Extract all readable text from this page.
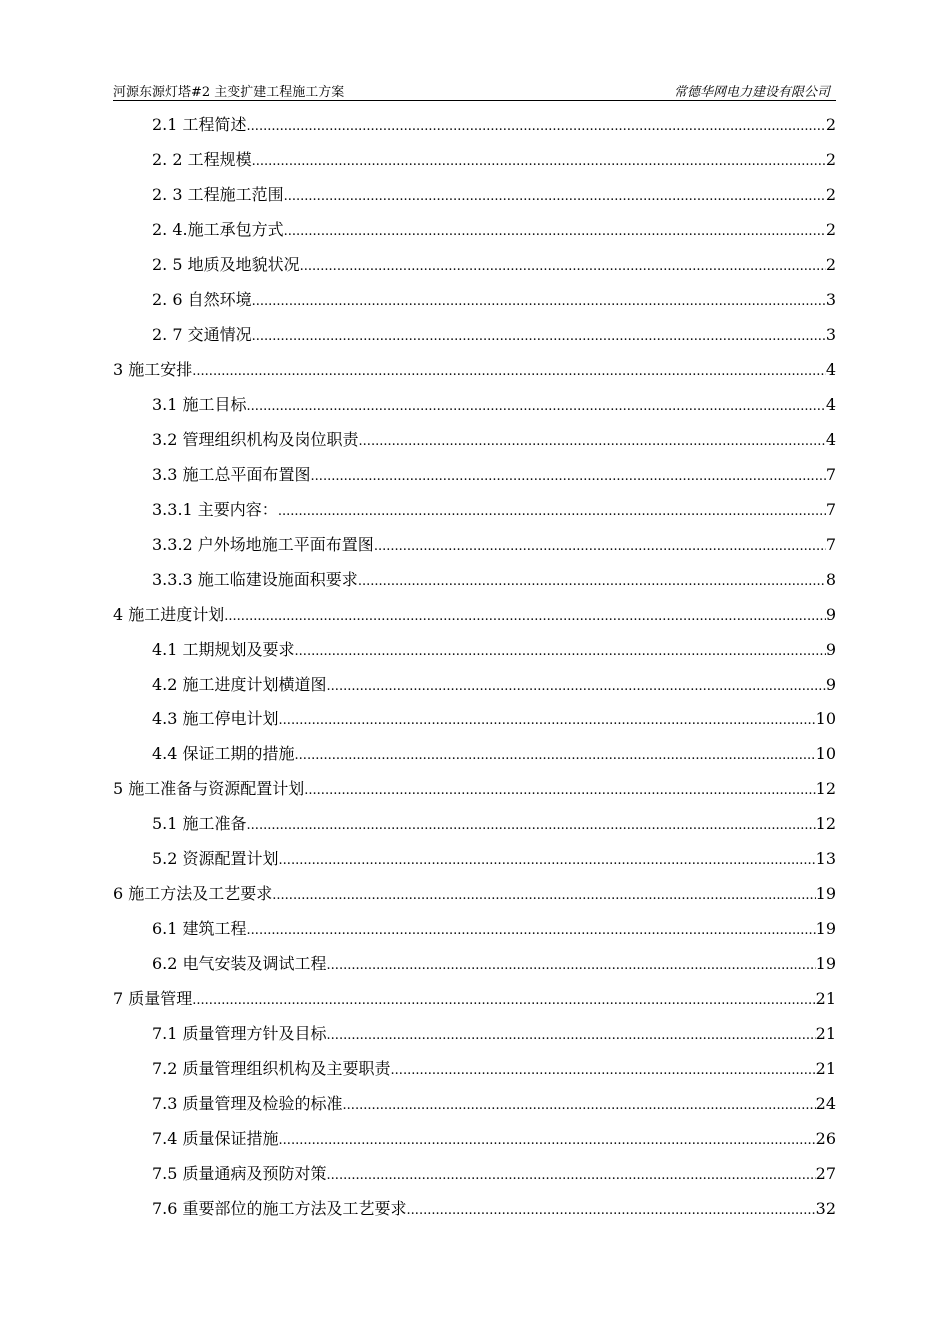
河源东源灯塔#2 主变扩建工程施工方案	常德华网电力建设有限公司
2.1 工程简述 .....	2
2. 2 工程规模 .....	2
2. 3 工程施工范围 .....	2
2. 4.施工承包方式 .....	2
2. 5 地质及地貌状况 .....	2
2. 6 自然环境 .....	3
2. 7 交通情况 .....	3
3 施工安排 .....	4
3.1 施工目标 .....	4
3.2 管理组织机构及岗位职责 .....	4
3.3 施工总平面布置图 .....	7
3.3.1 主要内容： .....	7
3.3.2 户外场地施工平面布置图 .....	7
3.3.3 施工临建设施面积要求 .....	8
4 施工进度计划 .....	9
4.1 工期规划及要求 .....	9
4.2 施工进度计划横道图 .....	9
4.3 施工停电计划 .....	10
4.4 保证工期的措施 .....	10
5 施工准备与资源配置计划 .....	12
5.1 施工准备 .....	12
5.2 资源配置计划 .....	13
6 施工方法及工艺要求 .....	19
6.1 建筑工程 .....	19
6.2 电气安装及调试工程 .....	19
7 质量管理 .....	21
7.1 质量管理方针及目标 .....	21
7.2 质量管理组织机构及主要职责 .....	21
7.3 质量管理及检验的标准 .....	24
7.4 质量保证措施 .....	26
7.5 质量通病及预防对策 .....	27
7.6 重要部位的施工方法及工艺要求 .....	32
